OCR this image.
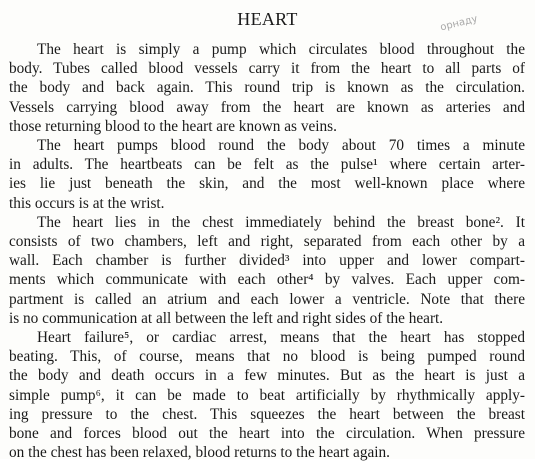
HEART	орнаду
The heart is simply a pump which circulates blood throughout the
body. Tubes called blood vessels carry it from the heart to all parts of
the body and back again. This round trip is known as the circulation.
Vessels carrying blood away from the heart are known as arteries and
those returning blood to the heart are known as veins.
The heart pumps blood round the body about 70 times a minute
in adults. The heartbeats can be felt as the pulse¹ where certain arter-
ies lie just beneath the skin, and the most well-known place where
this occurs is at the wrist.
The heart lies in the chest immediately behind the breast bone². It
consists of two chambers, left and right, separated from each other by a
wall. Each chamber is further divided³ into upper and lower compart-
ments which communicate with each other⁴ by valves. Each upper com-
partment is called an atrium and each lower a ventricle. Note that there
is no communication at all between the left and right sides of the heart.
Heart failure⁵, or cardiac arrest, means that the heart has stopped
beating. This, of course, means that no blood is being pumped round
the body and death occurs in a few minutes. But as the heart is just a
simple pump⁶, it can be made to beat artificially by rhythmically apply-
ing pressure to the chest. This squeezes the heart between the breast
bone and forces blood out the heart into the circulation. When pressure
on the chest has been relaxed, blood returns to the heart again.
